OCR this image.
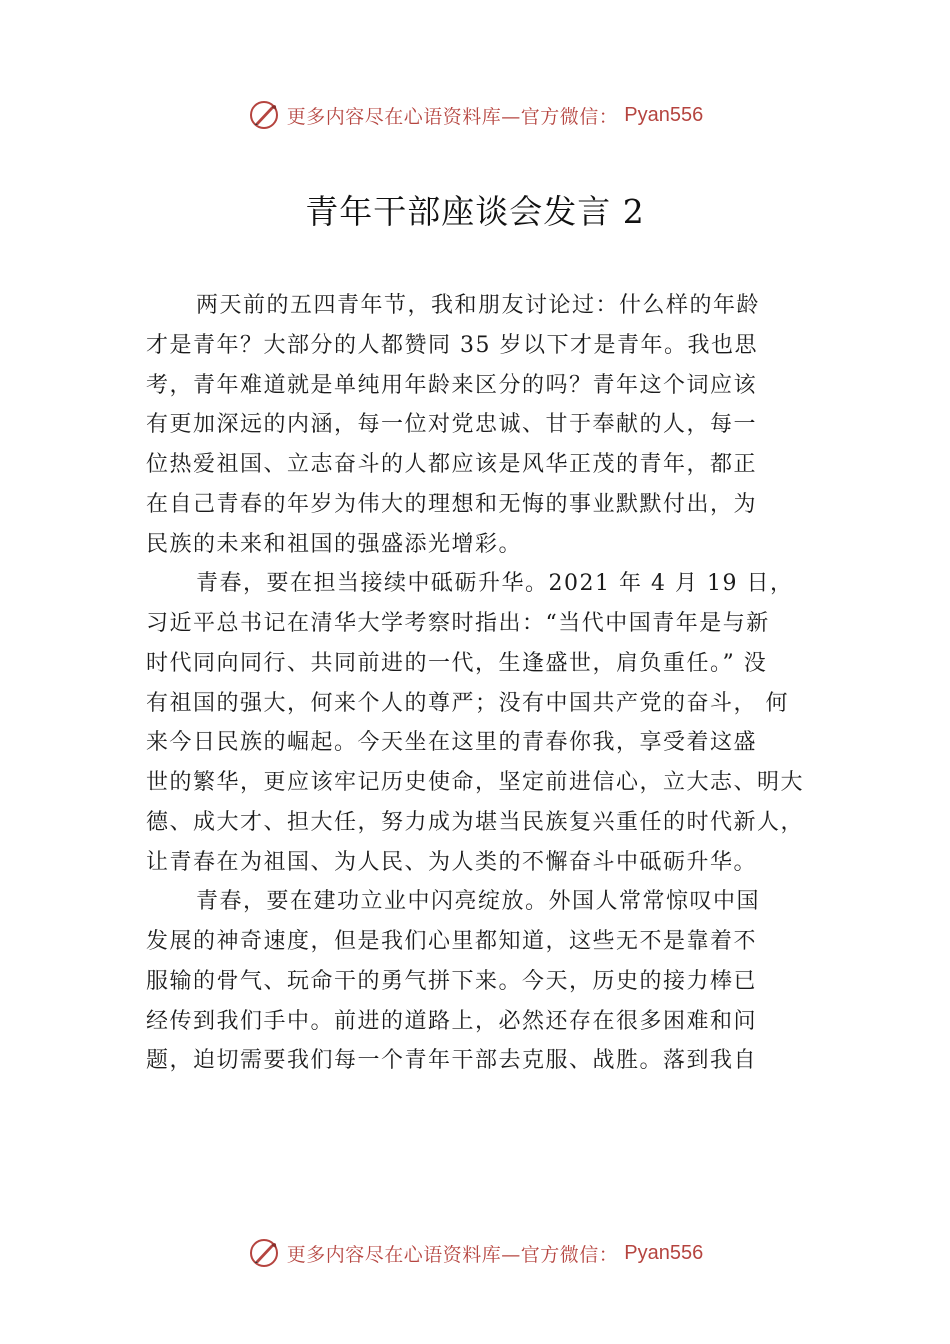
更多内容尽在心语资料库—官方微信： Pyan556
青年干部座谈会发言 2
两天前的五四青年节，我和朋友讨论过：什么样的年龄
才是青年？大部分的人都赞同 35 岁以下才是青年。我也思
考，青年难道就是单纯用年龄来区分的吗？青年这个词应该
有更加深远的内涵，每一位对党忠诚、甘于奉献的人，每一
位热爱祖国、立志奋斗的人都应该是风华正茂的青年，都正
在自己青春的年岁为伟大的理想和无悔的事业默默付出，为
民族的未来和祖国的强盛添光增彩。
青春，要在担当接续中砥砺升华。2021 年 4 月 19 日，
习近平总书记在清华大学考察时指出：“当代中国青年是与新
时代同向同行、共同前进的一代，生逢盛世，肩负重任。” 没
有祖国的强大，何来个人的尊严；没有中国共产党的奋斗， 何
来今日民族的崛起。今天坐在这里的青春你我，享受着这盛
世的繁华，更应该牢记历史使命，坚定前进信心，立大志、明大
德、成大才、担大任，努力成为堪当民族复兴重任的时代新人，
让青春在为祖国、为人民、为人类的不懈奋斗中砥砺升华。
青春，要在建功立业中闪亮绽放。外国人常常惊叹中国
发展的神奇速度，但是我们心里都知道，这些无不是靠着不
服输的骨气、玩命干的勇气拼下来。今天，历史的接力棒已
经传到我们手中。前进的道路上，必然还存在很多困难和问
题，迫切需要我们每一个青年干部去克服、战胜。落到我自
更多内容尽在心语资料库—官方微信： Pyan556
